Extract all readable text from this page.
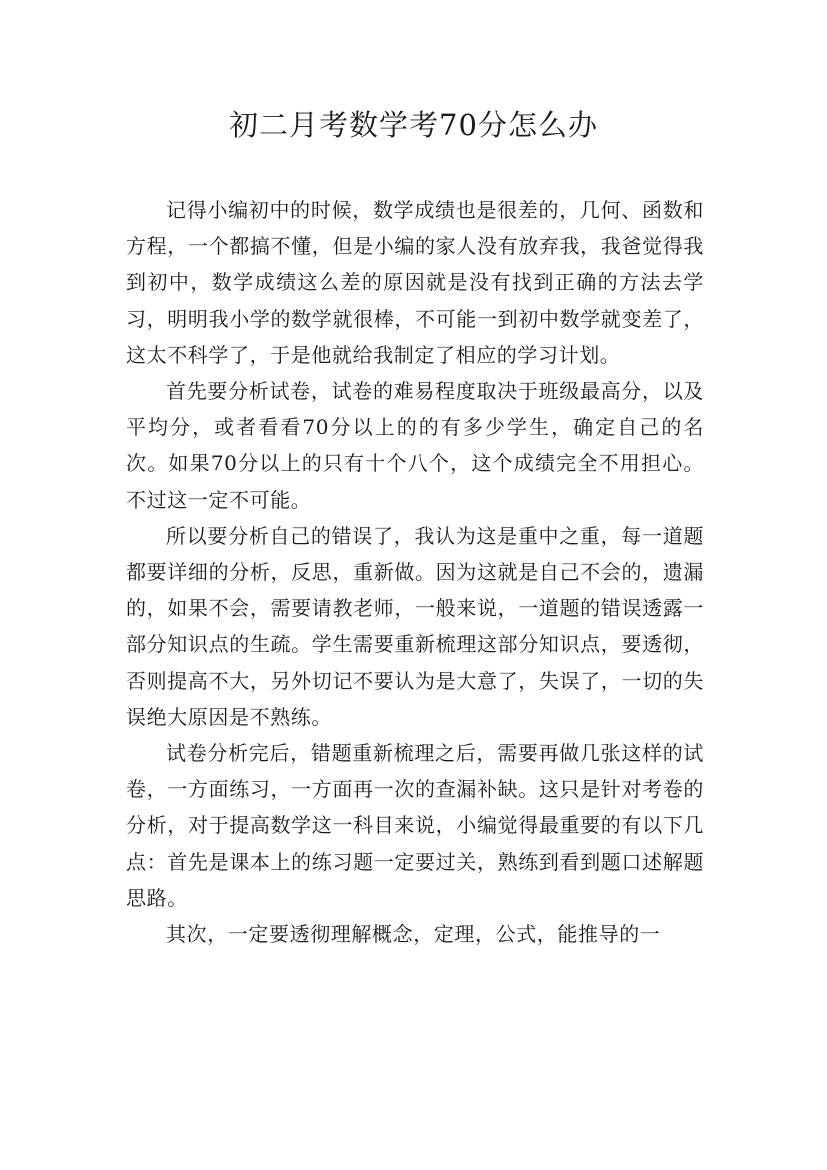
初二月考数学考70分怎么办

记得小编初中的时候，数学成绩也是很差的，几何、函数和方程，一个都搞不懂，但是小编的家人没有放弃我，我爸觉得我到初中，数学成绩这么差的原因就是没有找到正确的方法去学习，明明我小学的数学就很棒，不可能一到初中数学就变差了，这太不科学了，于是他就给我制定了相应的学习计划。

首先要分析试卷，试卷的难易程度取决于班级最高分，以及平均分，或者看看70分以上的的有多少学生，确定自己的名次。如果70分以上的只有十个八个，这个成绩完全不用担心。不过这一定不可能。

所以要分析自己的错误了，我认为这是重中之重，每一道题都要详细的分析，反思，重新做。因为这就是自己不会的，遗漏的，如果不会，需要请教老师，一般来说，一道题的错误透露一部分知识点的生疏。学生需要重新梳理这部分知识点，要透彻，否则提高不大，另外切记不要认为是大意了，失误了，一切的失误绝大原因是不熟练。

试卷分析完后，错题重新梳理之后，需要再做几张这样的试卷，一方面练习，一方面再一次的查漏补缺。这只是针对考卷的分析，对于提高数学这一科目来说，小编觉得最重要的有以下几点：首先是课本上的练习题一定要过关，熟练到看到题口述解题思路。

其次，一定要透彻理解概念，定理，公式，能推导的一
